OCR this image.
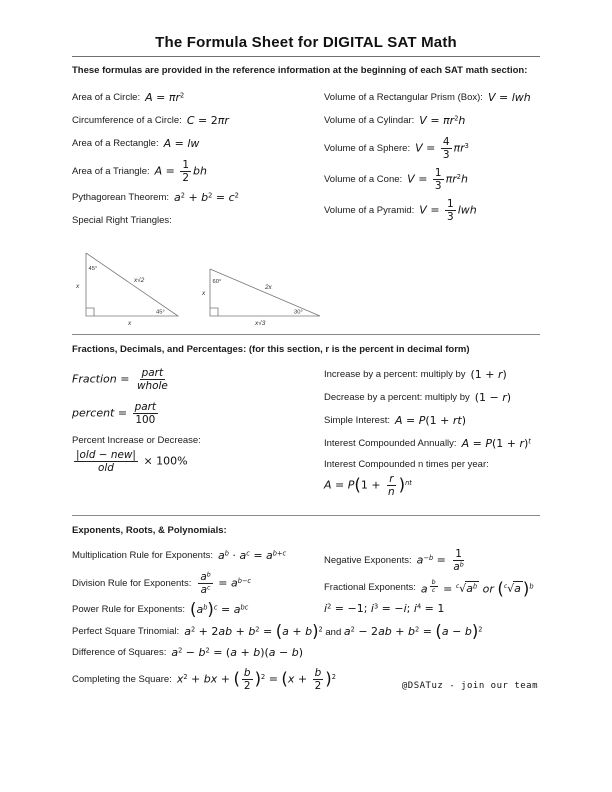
The Formula Sheet for DIGITAL SAT Math

These formulas are provided in the reference information at the beginning of each SAT math section:

Area of a Circle: $A = \pi r^2$
Circumference of a Circle: C = 2πr
Area of a Rectangle: A = lw
Area of a Triangle: $A = \frac{1}{2}$ bh
Pythagorean Theorem: $a^2 + b^2 = c^2$
Special Right Triangles:
Volume of a Rectangular Prism (Box): V = lwh
Volume of a Cylindar: $V = \pi r^2h$
Volume of a Sphere: $V = \frac{4}{3} \pi r^3$
Volume of a Cone: $V = \frac{1}{3} \pi r^2h$
Volume of a Pyramid: $V = \frac{1}{3}$ lwh
45°
45°
x
x
x√2	60°
30°
x
x√3
2x
Fractions, Decimals, and Percentages: (for this section, r is the percent in decimal form)
Fraction = $\frac{\text{part}}{\text{whole}}$
percent = $\frac{\text{part}}{100}$
Percent Increase or Decrease:
$\frac{\text{|old − new|}}{\text{old}} \times 100\%$
Increase by a percent: multiply by (1 + r)
Decrease by a percent: multiply by (1 − r)
Simple Interest: A = P(1 + rt)
Interest Compounded Annually: $A = P(1 + r)^t$
Interest Compounded n times per year:
$A = P(1 + \frac{r}{n} )^{nt}$
Exponents, Roots, & Polynomials:
Multiplication Rule for Exponents: $a^b \cdot a^c = a^{b+c}$
Division Rule for Exponents: $\frac{a^b}{a^c} = a^{b-c}$
Power Rule for Exponents: $(a^b)^c = a^{bc}$
Negative Exponents: $a^{-b} = \frac{1}{a^b}$
Fractional Exponents: a $^{\frac{b}{c}} = ^c√a^b$ or ($^c$√a )$^b$
$i^2 = -1$; $i^3 = -i$; $i^4 = 1$
Perfect Square Trinomial: $a^2 + 2ab + b^2 = (a + b)^2$ and $a^2 - 2ab + b^2 = (a - b)^2$
Difference of Squares: $a^2 - b^2 = (a + b)(a - b)$
Completing the Square: $x^2$ + bx + ( $\frac{b}{2} )^2 = (x + \frac{b}{2} )^2$
@DSATuz - join our team
